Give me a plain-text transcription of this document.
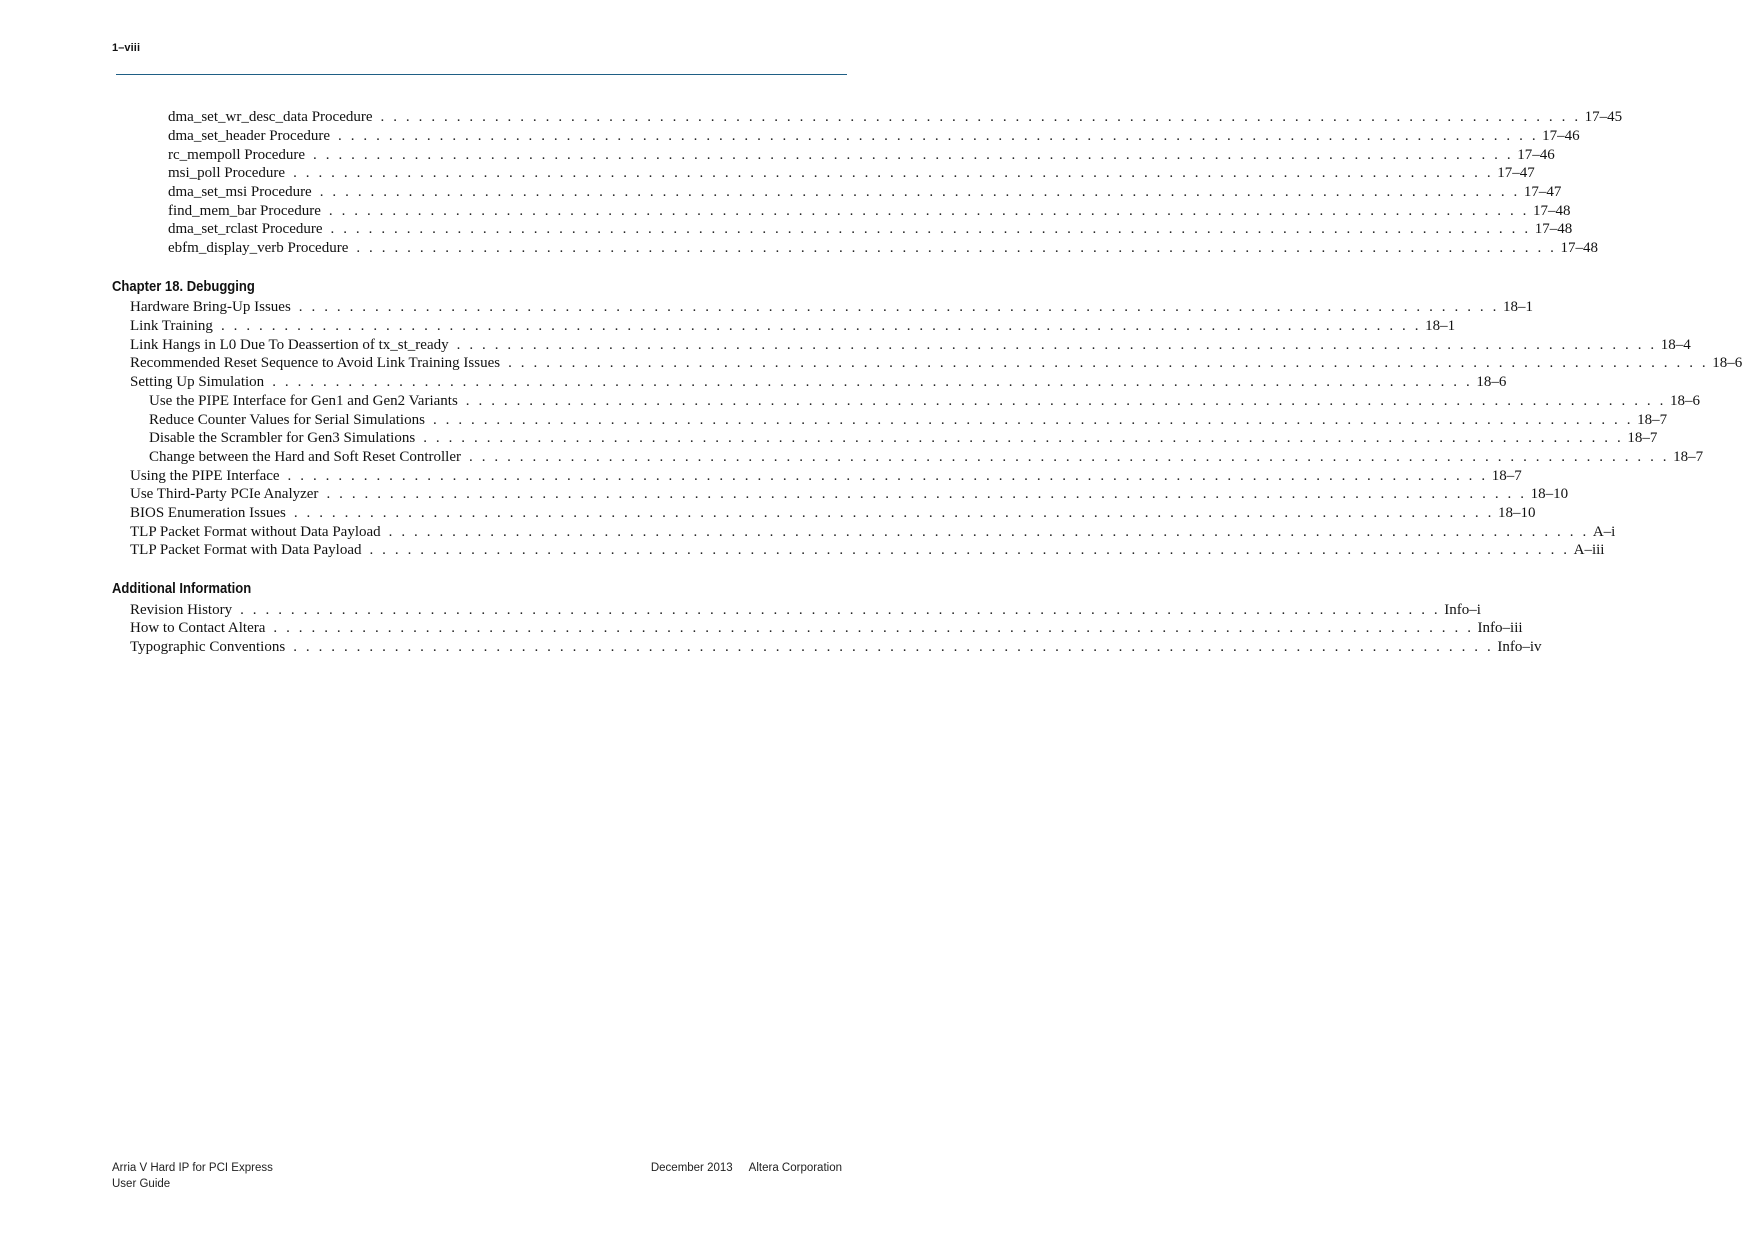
1–viii
dma_set_wr_desc_data Procedure . . . . . . . . . . . . . . . . . . . . . . . . . . . . . . . . . . . . . . . . . . . . . . . . . . . . . . . . . . . . . . . . . . . . . . . . . . . . . . . . . . . . . . . . . . . . . . . 17–45
dma_set_header Procedure . . . . . . . . . . . . . . . . . . . . . . . . . . . . . . . . . . . . . . . . . . . . . . . . . . . . . . . . . . . . . . . . . . . . . . . . . . . . . . . . . . . . . . . . . . . . . . . 17–46
rc_mempoll Procedure . . . . . . . . . . . . . . . . . . . . . . . . . . . . . . . . . . . . . . . . . . . . . . . . . . . . . . . . . . . . . . . . . . . . . . . . . . . . . . . . . . . . . . . . . . . . . . . 17–46
msi_poll Procedure . . . . . . . . . . . . . . . . . . . . . . . . . . . . . . . . . . . . . . . . . . . . . . . . . . . . . . . . . . . . . . . . . . . . . . . . . . . . . . . . . . . . . . . . . . . . . . . 17–47
dma_set_msi Procedure . . . . . . . . . . . . . . . . . . . . . . . . . . . . . . . . . . . . . . . . . . . . . . . . . . . . . . . . . . . . . . . . . . . . . . . . . . . . . . . . . . . . . . . . . . . . . . . 17–47
find_mem_bar Procedure . . . . . . . . . . . . . . . . . . . . . . . . . . . . . . . . . . . . . . . . . . . . . . . . . . . . . . . . . . . . . . . . . . . . . . . . . . . . . . . . . . . . . . . . . . . . . . . 17–48
dma_set_rclast Procedure . . . . . . . . . . . . . . . . . . . . . . . . . . . . . . . . . . . . . . . . . . . . . . . . . . . . . . . . . . . . . . . . . . . . . . . . . . . . . . . . . . . . . . . . . . . . . . . 17–48
ebfm_display_verb Procedure . . . . . . . . . . . . . . . . . . . . . . . . . . . . . . . . . . . . . . . . . . . . . . . . . . . . . . . . . . . . . . . . . . . . . . . . . . . . . . . . . . . . . . . . . . . . . . . 17–48
Chapter 18. Debugging
Hardware Bring-Up Issues . . . . . . . . . . . . . . . . . . . . . . . . . . . . . . . . . . . . . . . . . . . . . . . . . . . . . . . . . . . . . . . . . . . . . . . . . . . . . . . . . . . . . . . . . . . . . . . 18–1
Link Training . . . . . . . . . . . . . . . . . . . . . . . . . . . . . . . . . . . . . . . . . . . . . . . . . . . . . . . . . . . . . . . . . . . . . . . . . . . . . . . . . . . . . . . . . . . . . . . 18–1
Link Hangs in L0 Due To Deassertion of tx_st_ready . . . . . . . . . . . . . . . . . . . . . . . . . . . . . . . . . . . . . . . . . . . . . . . . . . . . . . . . . . . . . . . . . . . . . . . . . . . . . . . . . . . . . . . . . . . . . . . 18–4
Recommended Reset Sequence to Avoid Link Training Issues . . . . . . . . . . . . . . . . . . . . . . . . . . . . . . . . . . . . . . . . . . . . . . . . . . . . . . . . . . . . . . . . . . . . . . . . . . . . . . . . . . . . . . . . . . . . . . . 18–6
Setting Up Simulation . . . . . . . . . . . . . . . . . . . . . . . . . . . . . . . . . . . . . . . . . . . . . . . . . . . . . . . . . . . . . . . . . . . . . . . . . . . . . . . . . . . . . . . . . . . . . . . 18–6
Use the PIPE Interface for Gen1 and Gen2 Variants . . . . . . . . . . . . . . . . . . . . . . . . . . . . . . . . . . . . . . . . . . . . . . . . . . . . . . . . . . . . . . . . . . . . . . . . . . . . . . . . . . . . . . . . . . . . . . . 18–6
Reduce Counter Values for Serial Simulations . . . . . . . . . . . . . . . . . . . . . . . . . . . . . . . . . . . . . . . . . . . . . . . . . . . . . . . . . . . . . . . . . . . . . . . . . . . . . . . . . . . . . . . . . . . . . . . 18–7
Disable the Scrambler for Gen3 Simulations . . . . . . . . . . . . . . . . . . . . . . . . . . . . . . . . . . . . . . . . . . . . . . . . . . . . . . . . . . . . . . . . . . . . . . . . . . . . . . . . . . . . . . . . . . . . . . . 18–7
Change between the Hard and Soft Reset Controller . . . . . . . . . . . . . . . . . . . . . . . . . . . . . . . . . . . . . . . . . . . . . . . . . . . . . . . . . . . . . . . . . . . . . . . . . . . . . . . . . . . . . . . . . . . . . . . 18–7
Using the PIPE Interface . . . . . . . . . . . . . . . . . . . . . . . . . . . . . . . . . . . . . . . . . . . . . . . . . . . . . . . . . . . . . . . . . . . . . . . . . . . . . . . . . . . . . . . . . . . . . . . 18–7
Use Third-Party PCIe Analyzer . . . . . . . . . . . . . . . . . . . . . . . . . . . . . . . . . . . . . . . . . . . . . . . . . . . . . . . . . . . . . . . . . . . . . . . . . . . . . . . . . . . . . . . . . . . . . . . 18–10
BIOS Enumeration Issues . . . . . . . . . . . . . . . . . . . . . . . . . . . . . . . . . . . . . . . . . . . . . . . . . . . . . . . . . . . . . . . . . . . . . . . . . . . . . . . . . . . . . . . . . . . . . . . 18–10
TLP Packet Format without Data Payload . . . . . . . . . . . . . . . . . . . . . . . . . . . . . . . . . . . . . . . . . . . . . . . . . . . . . . . . . . . . . . . . . . . . . . . . . . . . . . . . . . . . . . . . . . . . . . . A–i
TLP Packet Format with Data Payload . . . . . . . . . . . . . . . . . . . . . . . . . . . . . . . . . . . . . . . . . . . . . . . . . . . . . . . . . . . . . . . . . . . . . . . . . . . . . . . . . . . . . . . . . . . . . . . A–iii
Additional Information
Revision History . . . . . . . . . . . . . . . . . . . . . . . . . . . . . . . . . . . . . . . . . . . . . . . . . . . . . . . . . . . . . . . . . . . . . . . . . . . . . . . . . . . . . . . . . . . . . . . Info–i
How to Contact Altera . . . . . . . . . . . . . . . . . . . . . . . . . . . . . . . . . . . . . . . . . . . . . . . . . . . . . . . . . . . . . . . . . . . . . . . . . . . . . . . . . . . . . . . . . . . . . . . Info–iii
Typographic Conventions . . . . . . . . . . . . . . . . . . . . . . . . . . . . . . . . . . . . . . . . . . . . . . . . . . . . . . . . . . . . . . . . . . . . . . . . . . . . . . . . . . . . . . . . . . . . . . . Info–iv
Arria V Hard IP for PCI Express
User Guide
December 2013 Altera Corporation
